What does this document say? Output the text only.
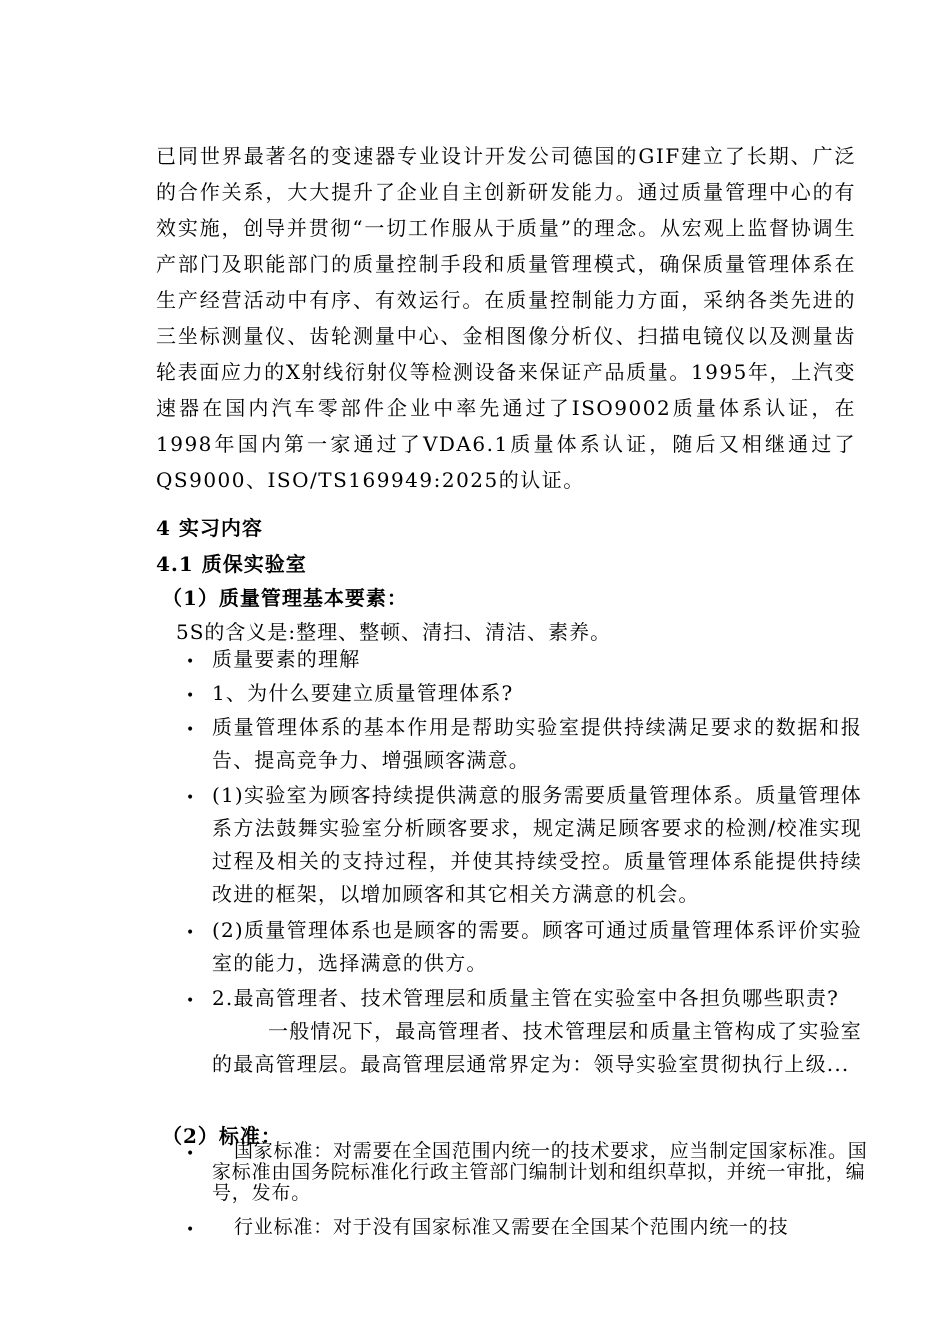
已同世界最著名的变速器专业设计开发公司德国的GIF建立了长期、广泛的合作关系，大大提升了企业自主创新研发能力。通过质量管理中心的有效实施，创导并贯彻“一切工作服从于质量”的理念。从宏观上监督协调生产部门及职能部门的质量控制手段和质量管理模式，确保质量管理体系在生产经营活动中有序、有效运行。在质量控制能力方面，采纳各类先进的三坐标测量仪、齿轮测量中心、金相图像分析仪、扫描电镜仪以及测量齿轮表面应力的X射线衍射仪等检测设备来保证产品质量。1995年，上汽变速器在国内汽车零部件企业中率先通过了ISO9002质量体系认证，在1998年国内第一家通过了VDA6.1质量体系认证，随后又相继通过了QS9000、ISO/TS169949:2025的认证。

4 实习内容
4.1 质保实验室
（1）质量管理基本要素：
5S的含义是:整理、整顿、清扫、清洁、素养。
• 质量要素的理解

• 1、为什么要建立质量管理体系?

• 质量管理体系的基本作用是帮助实验室提供持续满足要求的数据和报告、提高竞争力、增强顾客满意。

• (1)实验室为顾客持续提供满意的服务需要质量管理体系。质量管理体系方法鼓舞实验室分析顾客要求，规定满足顾客要求的检测/校准实现过程及相关的支持过程，并使其持续受控。质量管理体系能提供持续改进的框架，以增加顾客和其它相关方满意的机会。

• (2)质量管理体系也是顾客的需要。顾客可通过质量管理体系评价实验室的能力，选择满意的供方。

• 2.最高管理者、技术管理层和质量主管在实验室中各担负哪些职责?

一般情况下，最高管理者、技术管理层和质量主管构成了实验室的最高管理层。最高管理层通常界定为：领导实验室贯彻执行上级...

（2）标准：
•	国家标准：对需要在全国范围内统一的技术要求，应当制定国家标准。国家标准由国务院标准化行政主管部门编制计划和组织草拟，并统一审批，编号，发布。

•	行业标准：对于没有国家标准又需要在全国某个范围内统一的技
